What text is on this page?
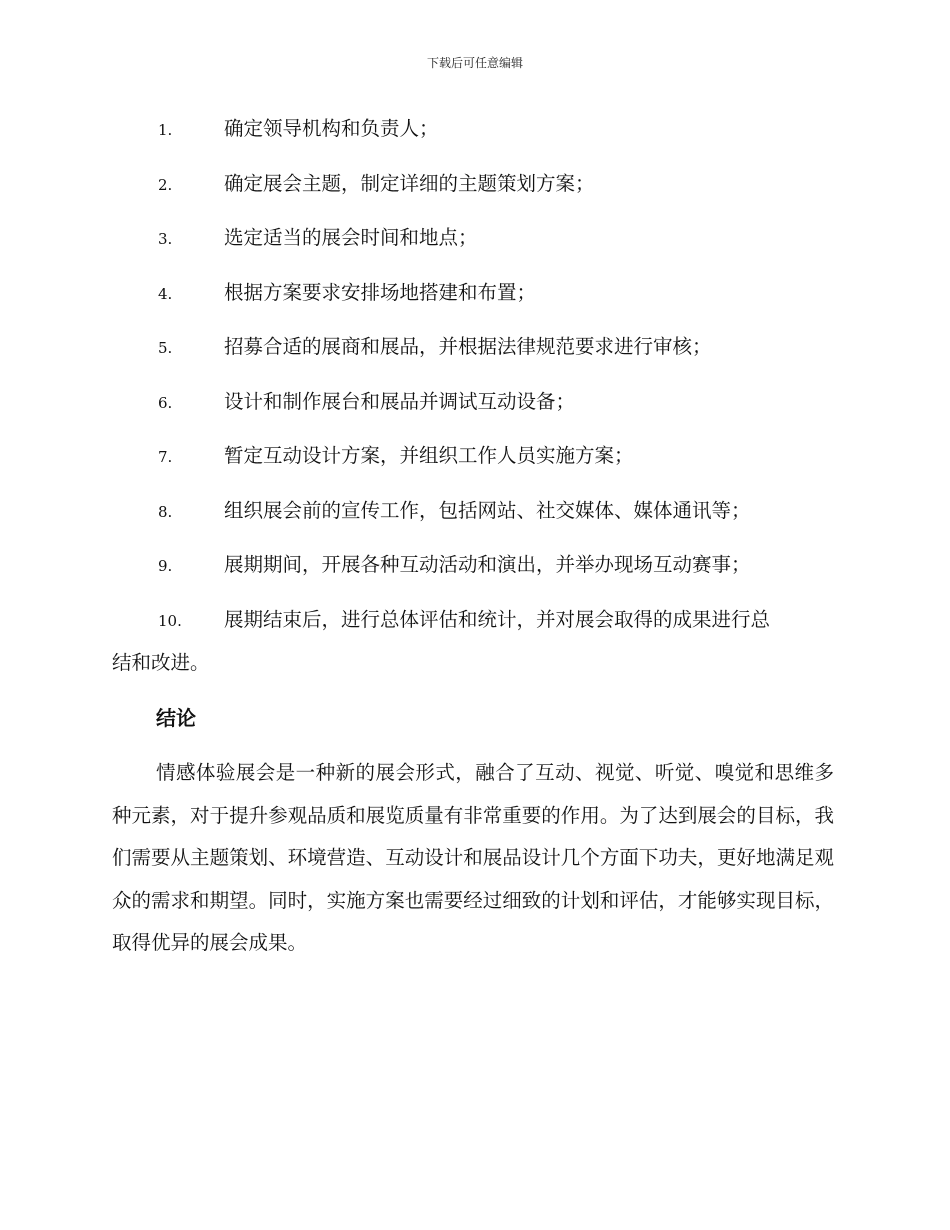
下载后可任意编辑
1.	确定领导机构和负责人；
2.	确定展会主题，制定详细的主题策划方案；
3.	选定适当的展会时间和地点；
4.	根据方案要求安排场地搭建和布置；
5.	招募合适的展商和展品，并根据法律规范要求进行审核；
6.	设计和制作展台和展品并调试互动设备；
7.	暂定互动设计方案，并组织工作人员实施方案；
8.	组织展会前的宣传工作，包括网站、社交媒体、媒体通讯等；
9.	展期期间，开展各种互动活动和演出，并举办现场互动赛事；
10.	展期结束后，进行总体评估和统计，并对展会取得的成果进行总
结和改进。
结论
情感体验展会是一种新的展会形式，融合了互动、视觉、听觉、嗅觉和思维多种元素，对于提升参观品质和展览质量有非常重要的作用。为了达到展会的目标，我们需要从主题策划、环境营造、互动设计和展品设计几个方面下功夫，更好地满足观众的需求和期望。同时，实施方案也需要经过细致的计划和评估，才能够实现目标，取得优异的展会成果。
